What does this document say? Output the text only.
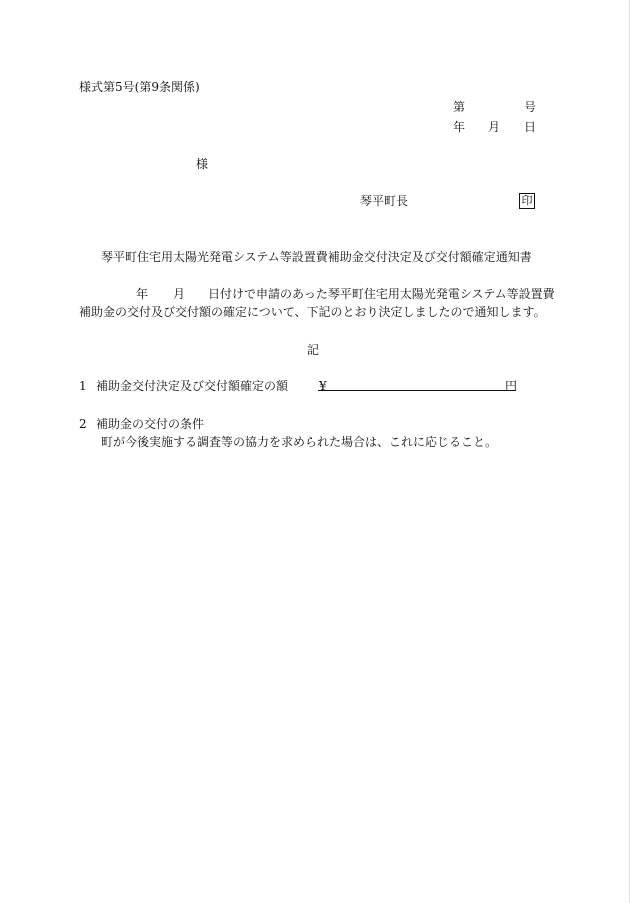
様式第5号(第9条関係)
第	号
年 月 日
様
琴平町長	印
琴平町住宅用太陽光発電システム等設置費補助金交付決定及び交付額確定通知書
年 月 日付けで申請のあった琴平町住宅用太陽光発電システム等設置費
補助金の交付及び交付額の確定について、下記のとおり決定しましたので通知します。
記
1 補助金交付決定及び交付額確定の額	¥	円
2 補助金の交付の条件
町が今後実施する調査等の協力を求められた場合は、これに応じること。
